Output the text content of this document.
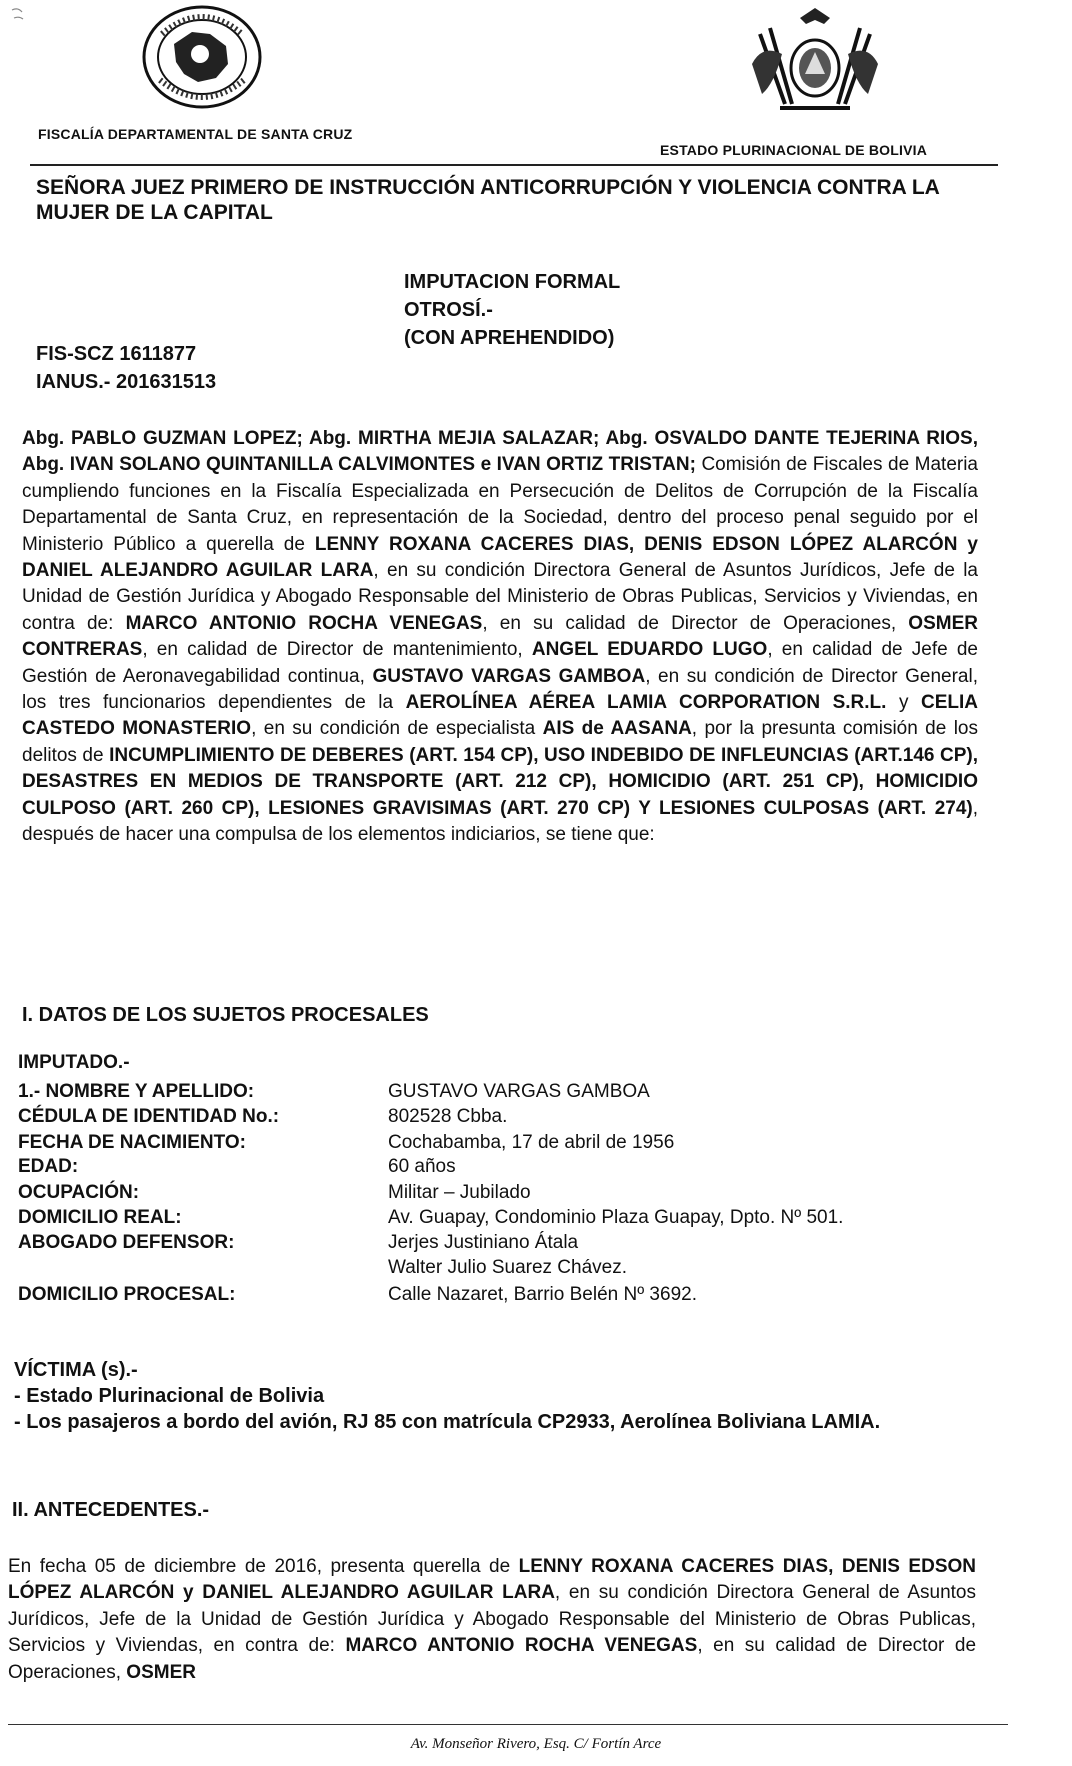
FISCALÍA DEPARTAMENTAL DE SANTA CRUZ
ESTADO PLURINACIONAL DE BOLIVIA
SEÑORA JUEZ PRIMERO DE INSTRUCCIÓN ANTICORRUPCIÓN Y VIOLENCIA CONTRA LA MUJER DE LA CAPITAL
IMPUTACION FORMAL
OTROSÍ.-
(CON APREHENDIDO)
FIS-SCZ 1611877
IANUS.- 201631513
Abg. PABLO GUZMAN LOPEZ; Abg. MIRTHA MEJIA SALAZAR; Abg. OSVALDO DANTE TEJERINA RIOS, Abg. IVAN SOLANO QUINTANILLA CALVIMONTES e IVAN ORTIZ TRISTAN; Comisión de Fiscales de Materia cumpliendo funciones en la Fiscalía Especializada en Persecución de Delitos de Corrupción de la Fiscalía Departamental de Santa Cruz, en representación de la Sociedad, dentro del proceso penal seguido por el Ministerio Público a querella de LENNY ROXANA CACERES DIAS, DENIS EDSON LÓPEZ ALARCÓN y DANIEL ALEJANDRO AGUILAR LARA, en su condición Directora General de Asuntos Jurídicos, Jefe de la Unidad de Gestión Jurídica y Abogado Responsable del Ministerio de Obras Publicas, Servicios y Viviendas, en contra de: MARCO ANTONIO ROCHA VENEGAS, en su calidad de Director de Operaciones, OSMER CONTRERAS, en calidad de Director de mantenimiento, ANGEL EDUARDO LUGO, en calidad de Jefe de Gestión de Aeronavegabilidad continua, GUSTAVO VARGAS GAMBOA, en su condición de Director General, los tres funcionarios dependientes de la AEROLÍNEA AÉREA LAMIA CORPORATION S.R.L. y CELIA CASTEDO MONASTERIO, en su condición de especialista AIS de AASANA, por la presunta comisión de los delitos de INCUMPLIMIENTO DE DEBERES (ART. 154 CP), USO INDEBIDO DE INFLEUNCIAS (ART.146 CP), DESASTRES EN MEDIOS DE TRANSPORTE (ART. 212 CP), HOMICIDIO (ART. 251 CP), HOMICIDIO CULPOSO (ART. 260 CP), LESIONES GRAVISIMAS (ART. 270 CP) Y LESIONES CULPOSAS (ART. 274), después de hacer una compulsa de los elementos indiciarios, se tiene que:
I. DATOS DE LOS SUJETOS PROCESALES
IMPUTADO.-
1.- NOMBRE Y APELLIDO:	GUSTAVO VARGAS GAMBOA
CÉDULA DE IDENTIDAD No.:	802528 Cbba.
FECHA DE NACIMIENTO:	Cochabamba, 17 de abril de 1956
EDAD:	60 años
OCUPACIÓN:	Militar – Jubilado
DOMICILIO REAL:	Av. Guapay, Condominio Plaza Guapay, Dpto. Nº 501.
ABOGADO DEFENSOR:	Jerjes Justiniano Átala
Walter Julio Suarez Chávez.
DOMICILIO PROCESAL:	Calle Nazaret, Barrio Belén Nº 3692.
VÍCTIMA (s).-
- Estado Plurinacional de Bolivia
- Los pasajeros a bordo del avión, RJ 85 con matrícula CP2933, Aerolínea Boliviana LAMIA.
II. ANTECEDENTES.-
En fecha 05 de diciembre de 2016, presenta querella de LENNY ROXANA CACERES DIAS, DENIS EDSON LÓPEZ ALARCÓN y DANIEL ALEJANDRO AGUILAR LARA, en su condición Directora General de Asuntos Jurídicos, Jefe de la Unidad de Gestión Jurídica y Abogado Responsable del Ministerio de Obras Publicas, Servicios y Viviendas, en contra de: MARCO ANTONIO ROCHA VENEGAS, en su calidad de Director de Operaciones, OSMER
Av. Monseñor Rivero, Esq. C/ Fortín Arce
